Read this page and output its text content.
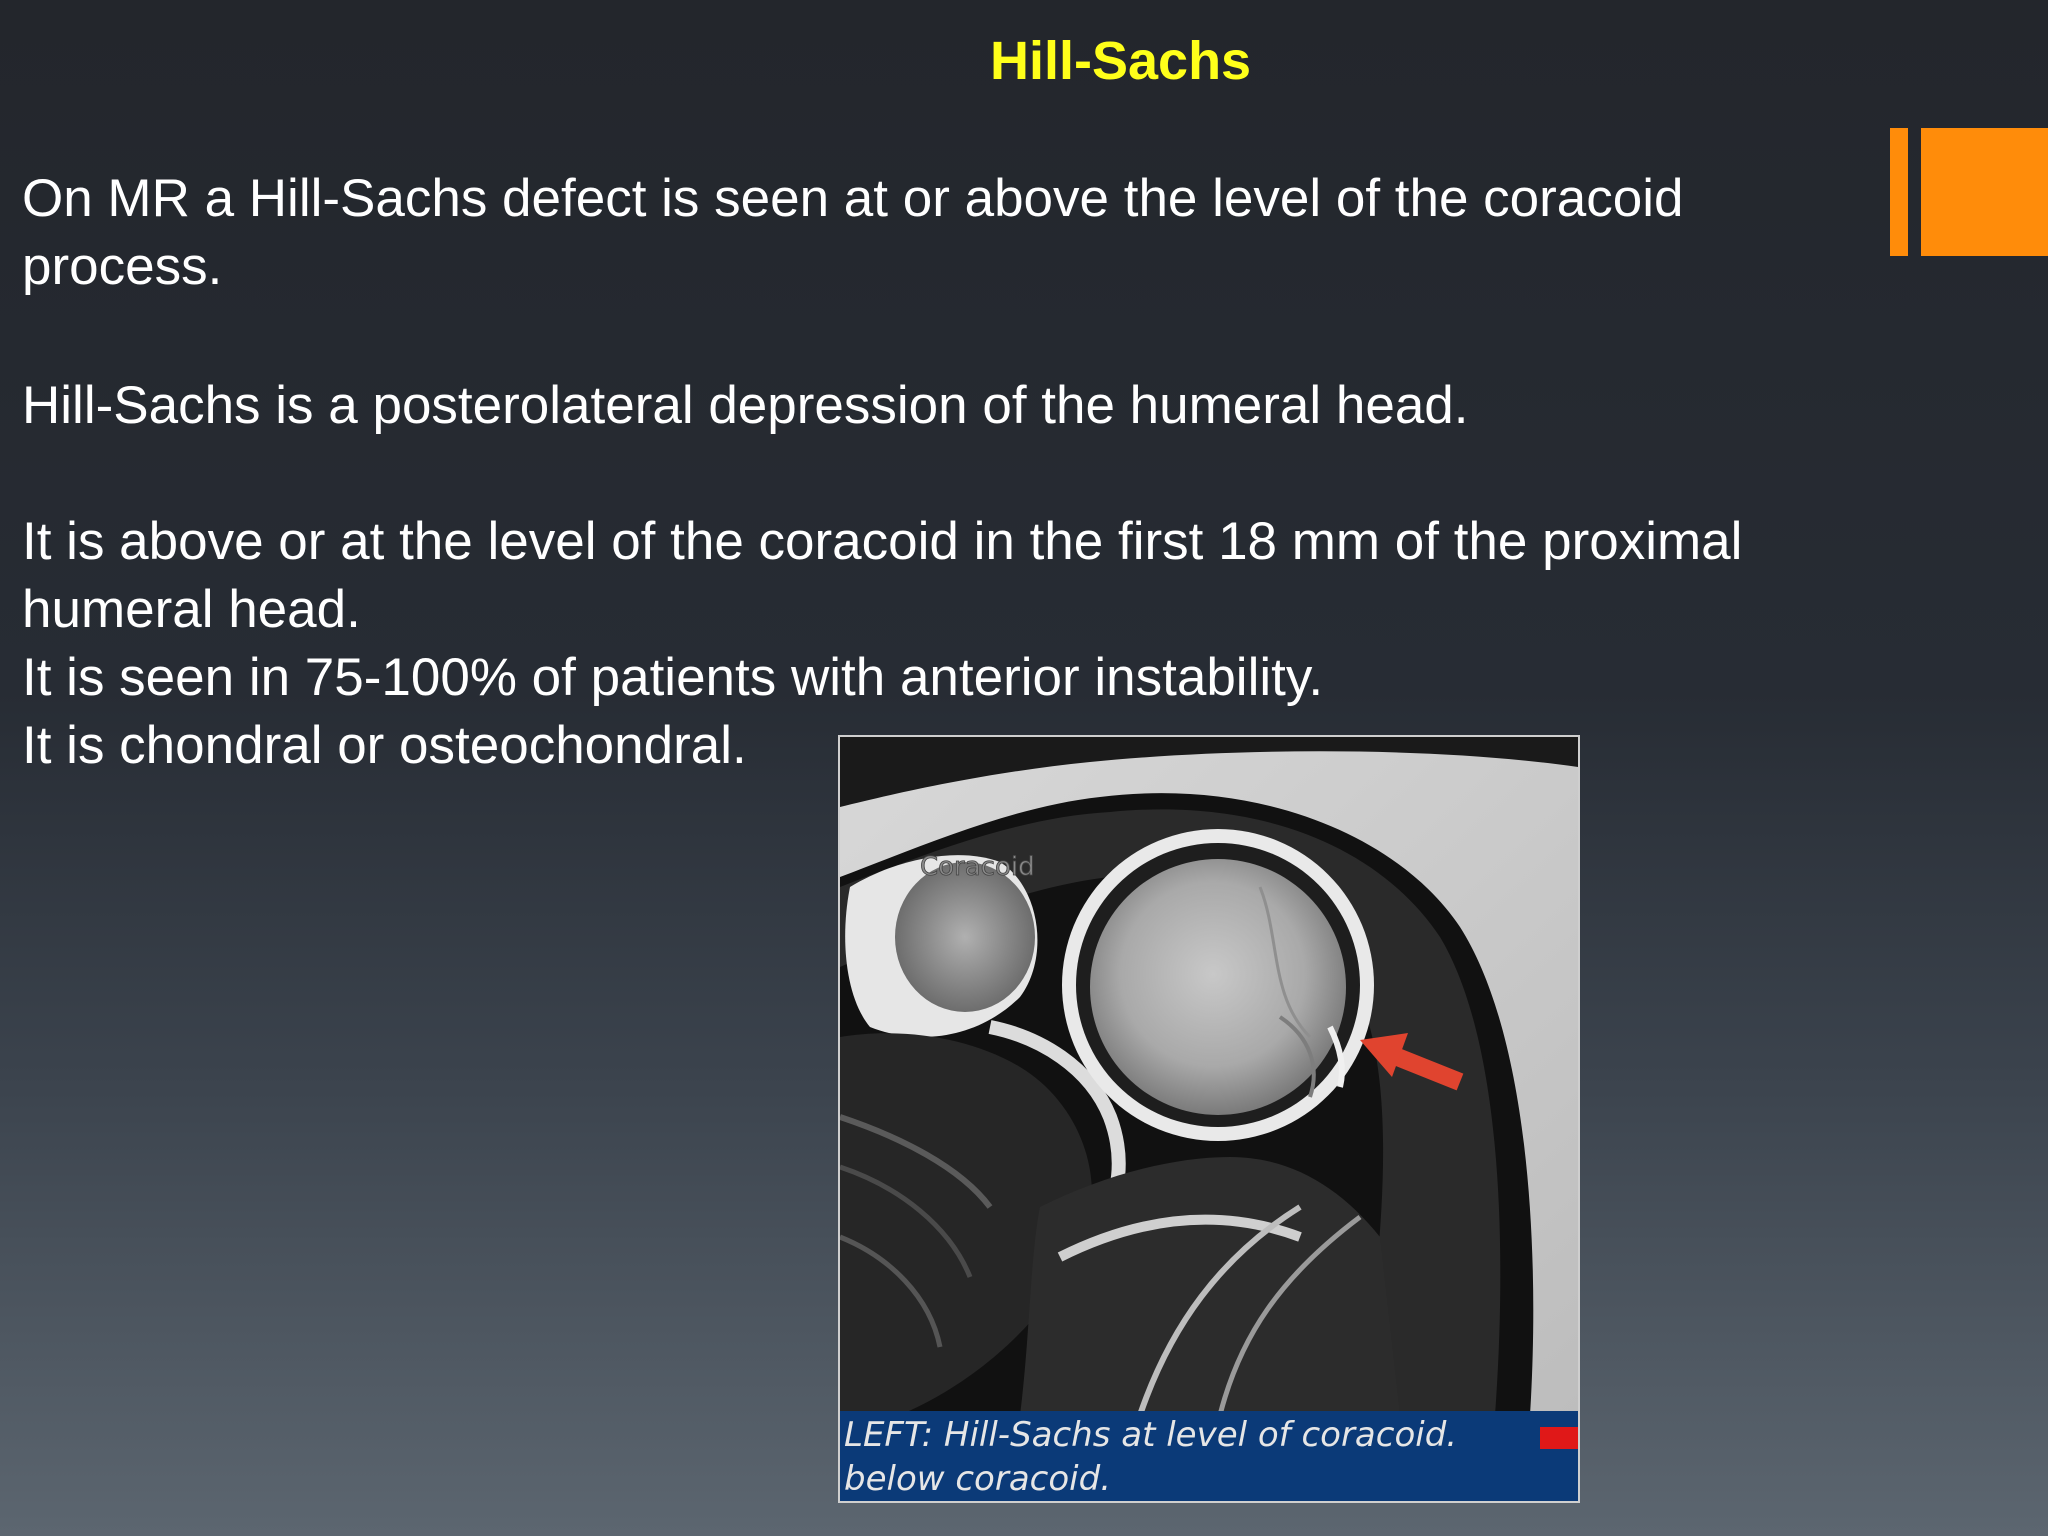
Hill-Sachs

On MR a Hill-Sachs defect is seen at or above the level of the coracoid process.

Hill-Sachs is a posterolateral depression of the humeral head.

It is above or at the level of the coracoid in the first 18 mm of the proximal humeral head.

It is seen in 75-100% of patients with anterior instability.

It is chondral or osteochondral.

Coracoid
LEFT: Hill-Sachs at level of coracoid.
below coracoid.
